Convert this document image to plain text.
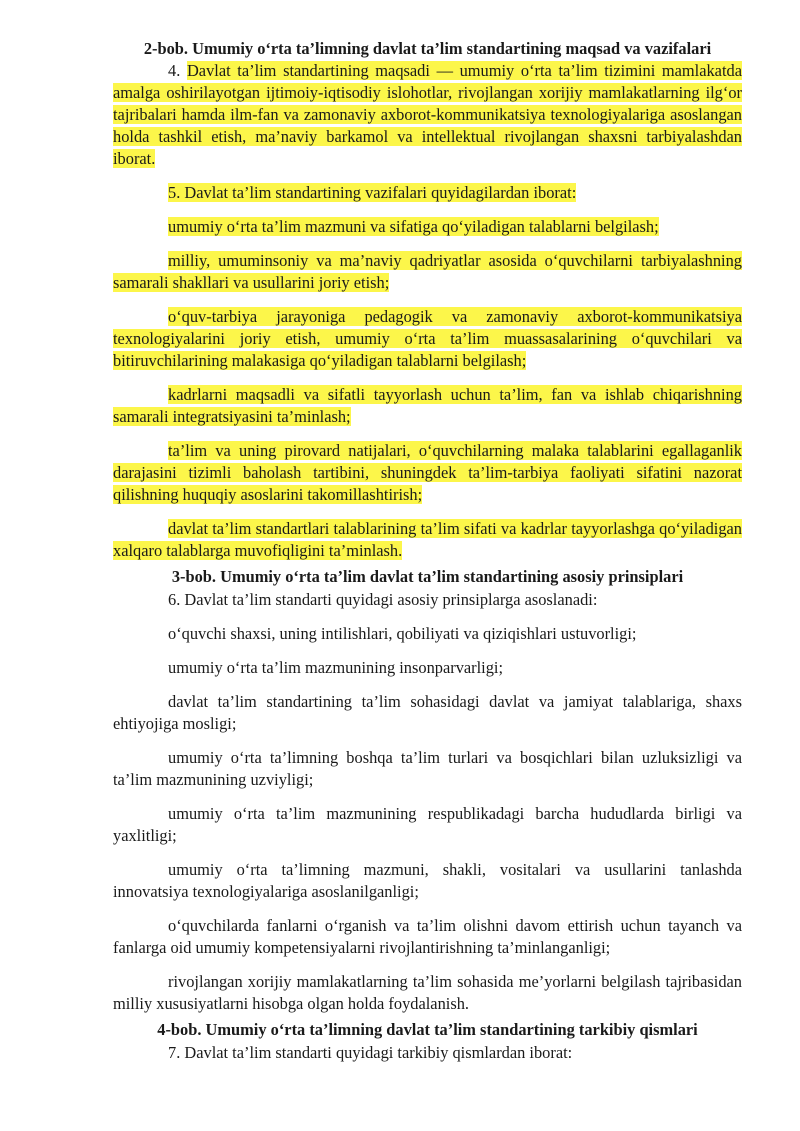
2-bob. Umumiy o‘rta ta’limning davlat ta’lim standartining maqsad va vazifalari

4. Davlat ta’lim standartining maqsadi — umumiy o‘rta ta’lim tizimini mamlakatda amalga oshirilayotgan ijtimoiy-iqtisodiy islohotlar, rivojlangan xorijiy mamlakatlarning ilg‘or tajribalari hamda ilm-fan va zamonaviy axborot-kommunikatsiya texnologiyalariga asoslangan holda tashkil etish, ma’naviy barkamol va intellektual rivojlangan shaxsni tarbiyalashdan iborat.

5. Davlat ta’lim standartining vazifalari quyidagilardan iborat:

umumiy o‘rta ta’lim mazmuni va sifatiga qo‘yiladigan talablarni belgilash;

milliy, umuminsoniy va ma’naviy qadriyatlar asosida o‘quvchilarni tarbiyalashning samarali shakllari va usullarini joriy etish;

o‘quv-tarbiya jarayoniga pedagogik va zamonaviy axborot-kommunikatsiya texnologiyalarini joriy etish, umumiy o‘rta ta’lim muassasalarining o‘quvchilari va bitiruvchilarining malakasiga qo‘yiladigan talablarni belgilash;

kadrlarni maqsadli va sifatli tayyorlash uchun ta’lim, fan va ishlab chiqarishning samarali integratsiyasini ta’minlash;

ta’lim va uning pirovard natijalari, o‘quvchilarning malaka talablarini egallaganlik darajasini tizimli baholash tartibini, shuningdek ta’lim-tarbiya faoliyati sifatini nazorat qilishning huquqiy asoslarini takomillashtirish;

davlat ta’lim standartlari talablarining ta’lim sifati va kadrlar tayyorlashga qo‘yiladigan xalqaro talablarga muvofiqligini ta’minlash.

3-bob. Umumiy o‘rta ta’lim davlat ta’lim standartining asosiy prinsiplari

6. Davlat ta’lim standarti quyidagi asosiy prinsiplarga asoslanadi:

o‘quvchi shaxsi, uning intilishlari, qobiliyati va qiziqishlari ustuvorligi;

umumiy o‘rta ta’lim mazmunining insonparvarligi;

davlat ta’lim standartining ta’lim sohasidagi davlat va jamiyat talablariga, shaxs ehtiyojiga mosligi;

umumiy o‘rta ta’limning boshqa ta’lim turlari va bosqichlari bilan uzluksizligi va ta’lim mazmunining uzviyligi;

umumiy o‘rta ta’lim mazmunining respublikadagi barcha hududlarda birligi va yaxlitligi;

umumiy o‘rta ta’limning mazmuni, shakli, vositalari va usullarini tanlashda innovatsiya texnologiyalariga asoslanilganligi;

o‘quvchilarda fanlarni o‘rganish va ta’lim olishni davom ettirish uchun tayanch va fanlarga oid umumiy kompetensiyalarni rivojlantirishning ta’minlanganligi;

rivojlangan xorijiy mamlakatlarning ta’lim sohasida me’yorlarni belgilash tajribasidan milliy xususiyatlarni hisobga olgan holda foydalanish.

4-bob. Umumiy o‘rta ta’limning davlat ta’lim standartining tarkibiy qismlari

7. Davlat ta’lim standarti quyidagi tarkibiy qismlardan iborat:
